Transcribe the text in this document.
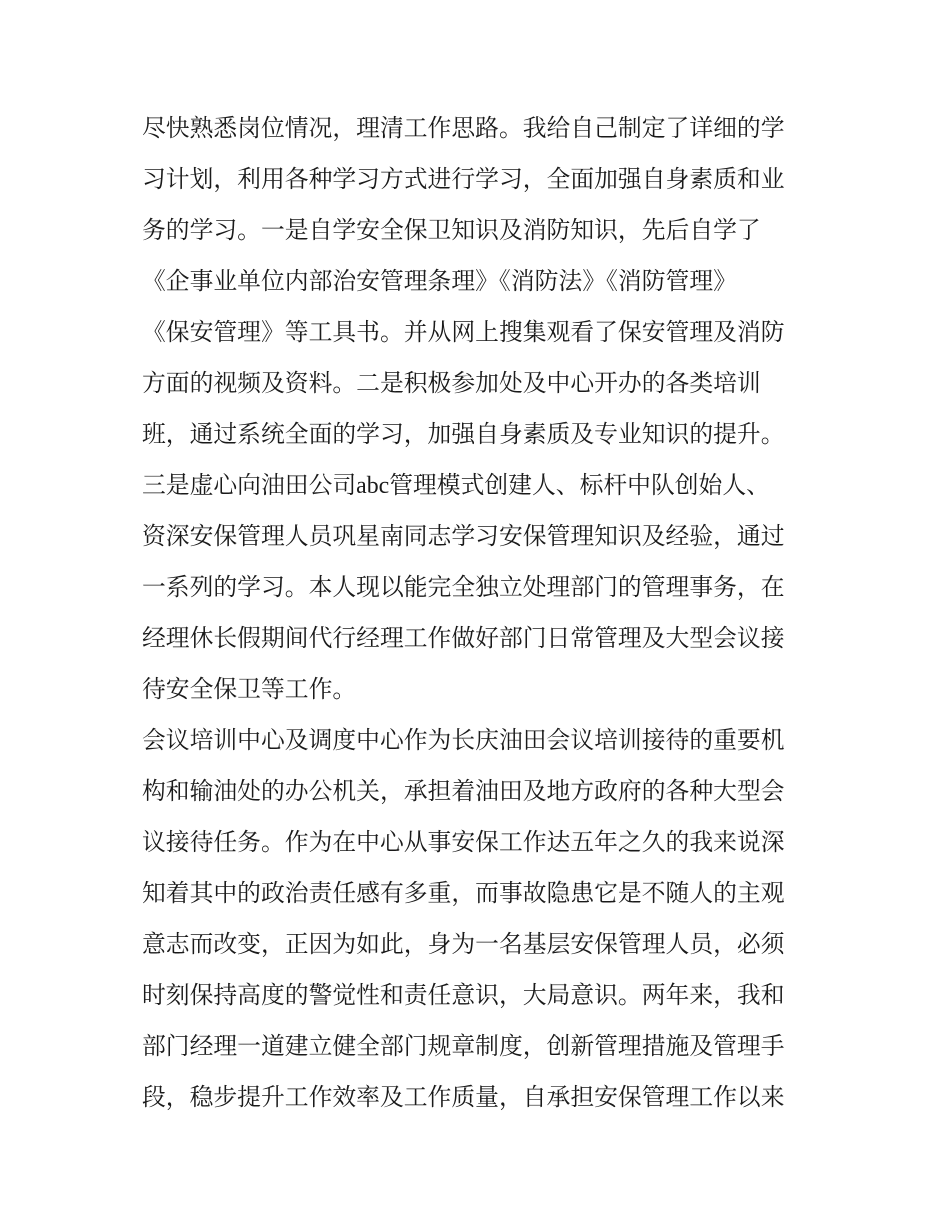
尽快熟悉岗位情况，理清工作思路。我给自己制定了详细的学
习计划，利用各种学习方式进行学习，全面加强自身素质和业
务的学习。一是自学安全保卫知识及消防知识，先后自学了
《企事业单位内部治安管理条理》《消防法》《消防管理》
《保安管理》等工具书。并从网上搜集观看了保安管理及消防
方面的视频及资料。二是积极参加处及中心开办的各类培训
班，通过系统全面的学习，加强自身素质及专业知识的提升。
三是虚心向油田公司abc管理模式创建人、标杆中队创始人、
资深安保管理人员巩星南同志学习安保管理知识及经验，通过
一系列的学习。本人现以能完全独立处理部门的管理事务，在
经理休长假期间代行经理工作做好部门日常管理及大型会议接
待安全保卫等工作。
会议培训中心及调度中心作为长庆油田会议培训接待的重要机
构和输油处的办公机关，承担着油田及地方政府的各种大型会
议接待任务。作为在中心从事安保工作达五年之久的我来说深
知着其中的政治责任感有多重，而事故隐患它是不随人的主观
意志而改变，正因为如此，身为一名基层安保管理人员，必须
时刻保持高度的警觉性和责任意识，大局意识。两年来，我和
部门经理一道建立健全部门规章制度，创新管理措施及管理手
段，稳步提升工作效率及工作质量，自承担安保管理工作以来
